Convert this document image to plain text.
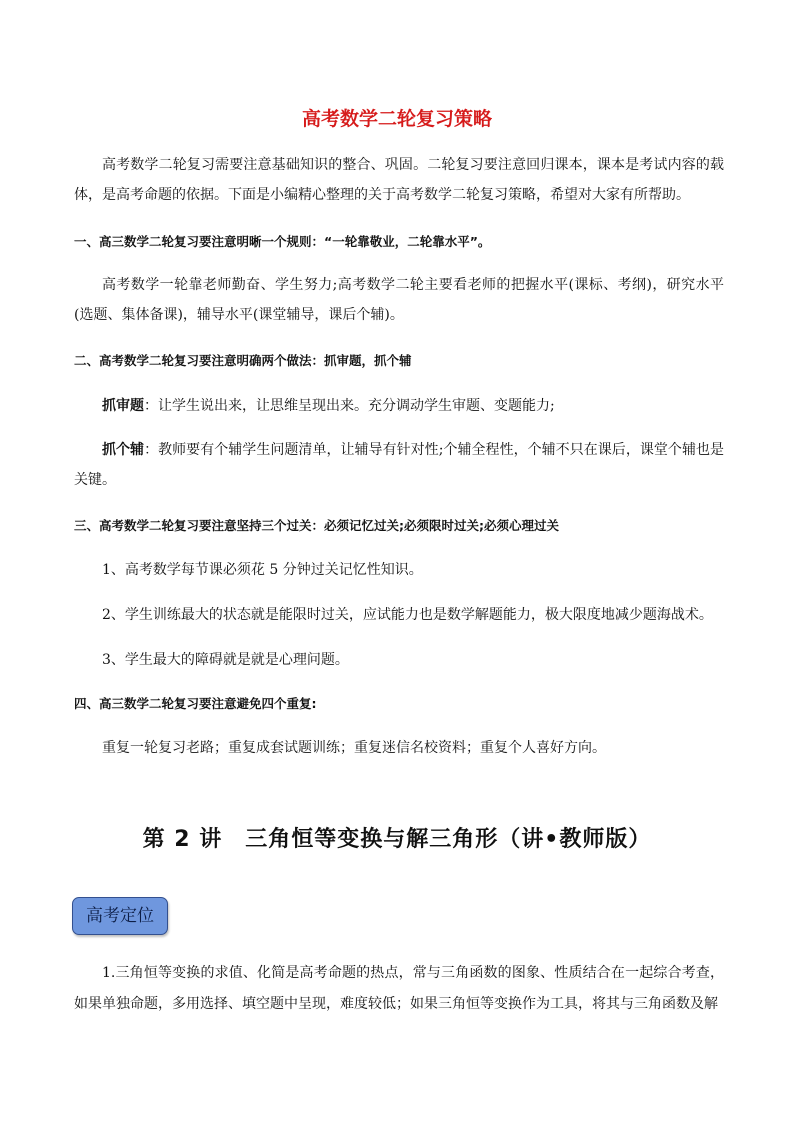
高考数学二轮复习策略
高考数学二轮复习需要注意基础知识的整合、巩固。二轮复习要注意回归课本，课本是考试内容的载体，是高考命题的依据。下面是小编精心整理的关于高考数学二轮复习策略，希望对大家有所帮助。
一、高三数学二轮复习要注意明晰一个规则：“一轮靠敬业，二轮靠水平”。
高考数学一轮靠老师勤奋、学生努力;高考数学二轮主要看老师的把握水平(课标、考纲)，研究水平(选题、集体备课)，辅导水平(课堂辅导，课后个辅)。
二、高考数学二轮复习要注意明确两个做法：抓审题，抓个辅
抓审题：让学生说出来，让思维呈现出来。充分调动学生审题、变题能力;
抓个辅：教师要有个辅学生问题清单，让辅导有针对性;个辅全程性，个辅不只在课后，课堂个辅也是关键。
三、高考数学二轮复习要注意坚持三个过关：必须记忆过关;必须限时过关;必须心理过关
1、高考数学每节课必须花 5 分钟过关记忆性知识。
2、学生训练最大的状态就是能限时过关，应试能力也是数学解题能力，极大限度地减少题海战术。
3、学生最大的障碍就是就是心理问题。
四、高三数学二轮复习要注意避免四个重复:
重复一轮复习老路；重复成套试题训练；重复迷信名校资料；重复个人喜好方向。
第 2 讲　三角恒等变换与解三角形（讲•教师版）
高考定位
1.三角恒等变换的求值、化简是高考命题的热点，常与三角函数的图象、性质结合在一起综合考查，如果单独命题，多用选择、填空题中呈现，难度较低；如果三角恒等变换作为工具，将其与三角函数及解
